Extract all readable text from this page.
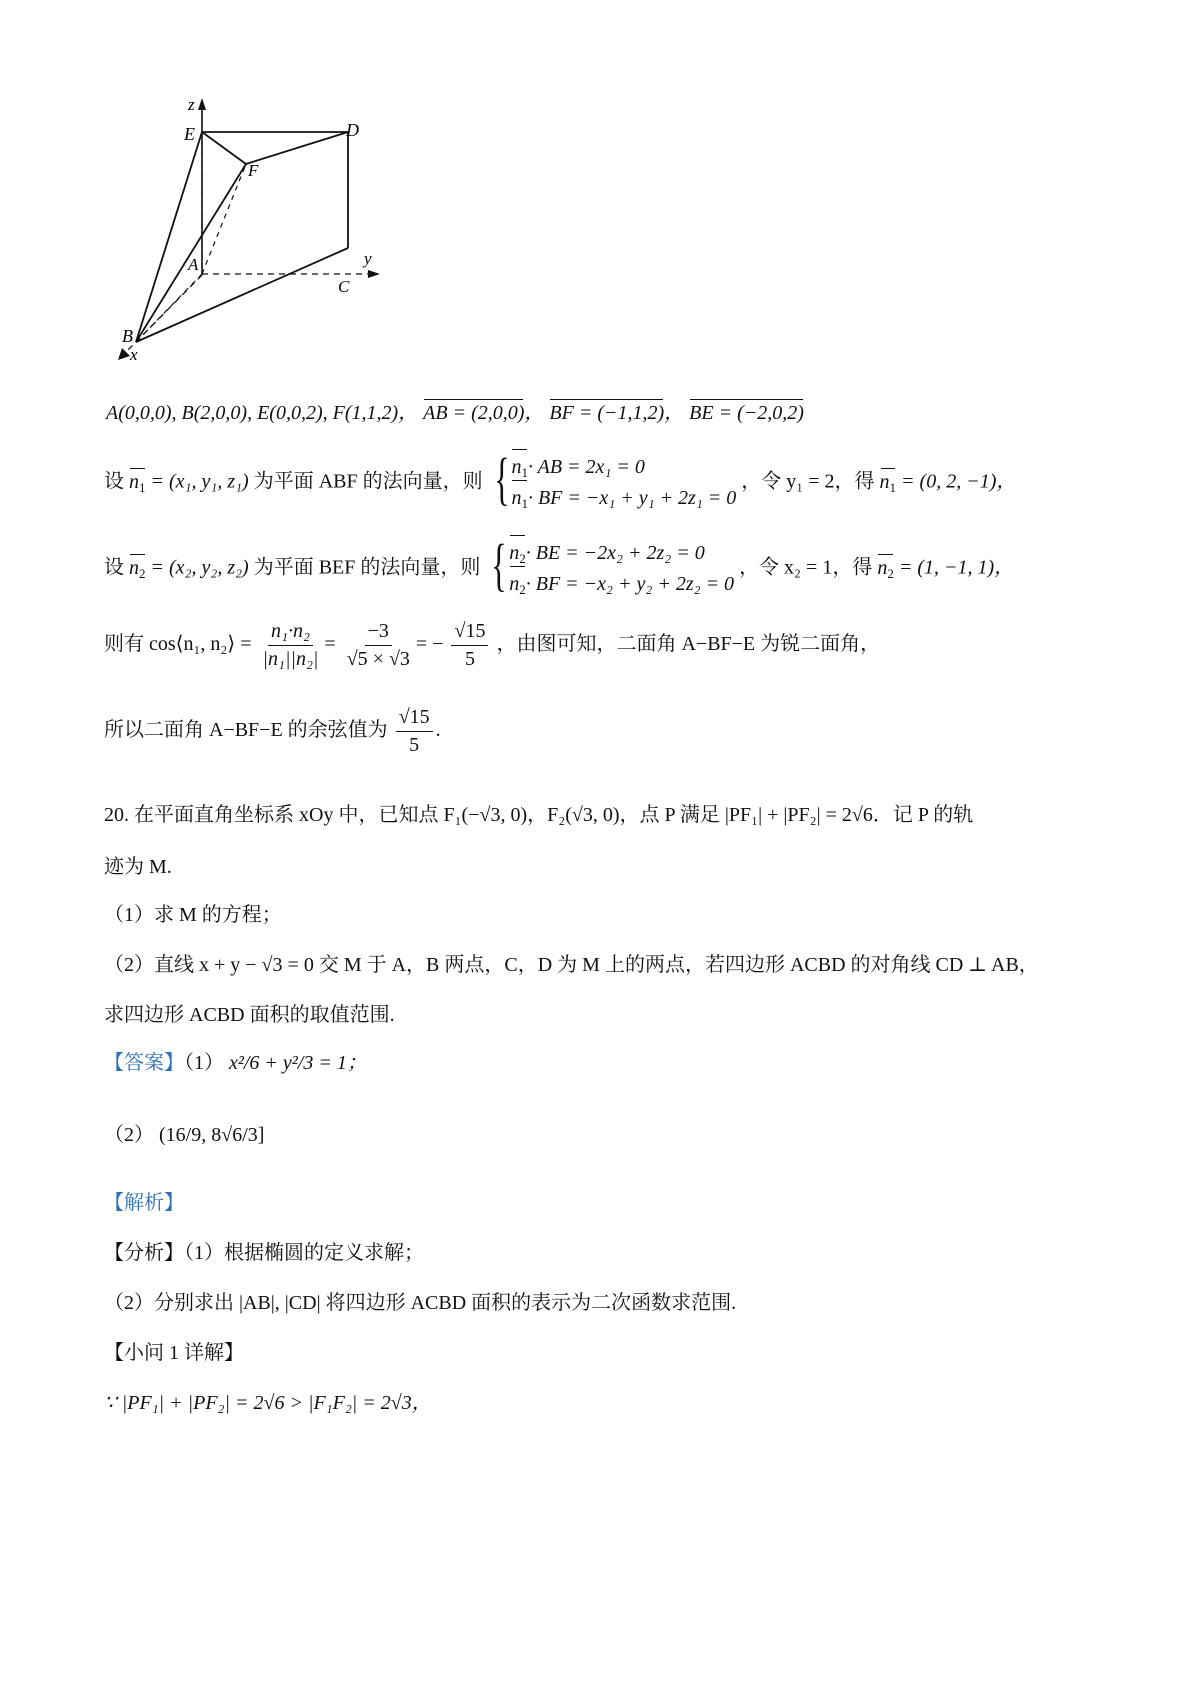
z
E	D
F
A	y
C
B
x
A(0,0,0), B(2,0,0), E(0,0,2), F(1,1,2)， AB = (2,0,0)， BF = (−1,1,2)， BE = (−2,0,2)
设 $n_1 = (x_1$, y₁, z₁) 为平面 ABF 的法向量，则 { $n_1\cdot$ AB = 2x₁ = 0
$n_1\cdot$ BF = −x₁ + y₁ + 2z₁ = 0
，令 y₁ = 2，得 $n_1 = (0$, 2, −1)，
设 $n_2 = (x_2$, y₂, z₂) 为平面 BEF 的法向量，则 { $n_2\cdot$ BE = −2x₂ + 2z₂ = 0
$n_2\cdot$ BF = −x₂ + y₂ + 2z₂ = 0
，令 x₂ = 1，得 $n_2 = (1$, −1, 1)，
则有 cos⟨n₁, n₂⟩ = $\frac{\text{n₁·n₂}}{\text{|n₁||n₂|}} = \frac{-3}{√5 \times √3}$ = − $\frac{√15}{5}$ ，由图可知，二面角 A−BF−E 为锐二面角，
所以二面角 A−BF−E 的余弦值为 $\frac{√15}{5}$ .
20. 在平面直角坐标系 xOy 中，已知点 F₁(−√3, 0)，F₂(√3, 0)，点 P 满足 |PF₁| + |PF₂| = 2√6．记 P 的轨
迹为 M.
（1）求 M 的方程；
（2）直线 x + y − √3 = 0 交 M 于 A，B 两点，C，D 为 M 上的两点，若四边形 ACBD 的对角线 CD ⊥ AB，
求四边形 ACBD 面积的取值范围.
【答案】（1） x²/6 + y²/3 = 1；
（2） (16/9, 8√6/3]
【解析】
【分析】（1）根据椭圆的定义求解；
（2）分别求出 |AB|, |CD| 将四边形 ACBD 面积的表示为二次函数求范围.
【小问 1 详解】
∵ |PF₁| + |PF₂| = 2√6 > |F₁F₂| = 2√3，
